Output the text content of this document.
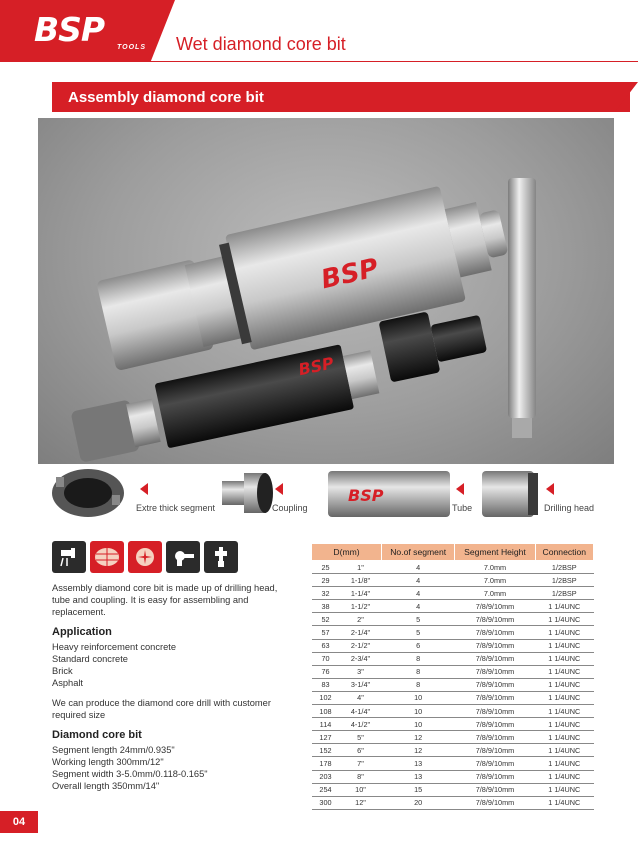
BSP TOOLS Wet diamond core bit
Assembly diamond core bit
BSP
BSP
BSP
Extre thick segment	Coupling	Tube	Drilling head

Assembly diamond core bit is made up of drilling head, tube and coupling. It is easy for assembling and replacement.

Application

Heavy reinforcement concrete

Standard concrete

Brick

Asphalt

We can produce the diamond core drill with customer required size

Diamond core bit

Segment length 24mm/0.935"

Working length 300mm/12"

Segment width 3-5.0mm/0.118-0.165"

Overall length 350mm/14"

D(mm)		No.of segment	Segment Height	Connection
25	1"	4	7.0mm	1/2BSP
29	1-1/8"	4	7.0mm	1/2BSP
32	1-1/4"	4	7.0mm	1/2BSP
38	1-1/2"	4	7/8/9/10mm	1 1/4UNC
52	2"	5	7/8/9/10mm	1 1/4UNC
57	2-1/4"	5	7/8/9/10mm	1 1/4UNC
63	2-1/2"	6	7/8/9/10mm	1 1/4UNC
70	2-3/4"	8	7/8/9/10mm	1 1/4UNC
76	3"	8	7/8/9/10mm	1 1/4UNC
83	3-1/4"	8	7/8/9/10mm	1 1/4UNC
102	4"	10	7/8/9/10mm	1 1/4UNC
108	4-1/4"	10	7/8/9/10mm	1 1/4UNC
114	4-1/2"	10	7/8/9/10mm	1 1/4UNC
127	5"	12	7/8/9/10mm	1 1/4UNC
152	6"	12	7/8/9/10mm	1 1/4UNC
178	7"	13	7/8/9/10mm	1 1/4UNC
203	8"	13	7/8/9/10mm	1 1/4UNC
254	10"	15	7/8/9/10mm	1 1/4UNC
300	12"	20	7/8/9/10mm	1 1/4UNC
04
